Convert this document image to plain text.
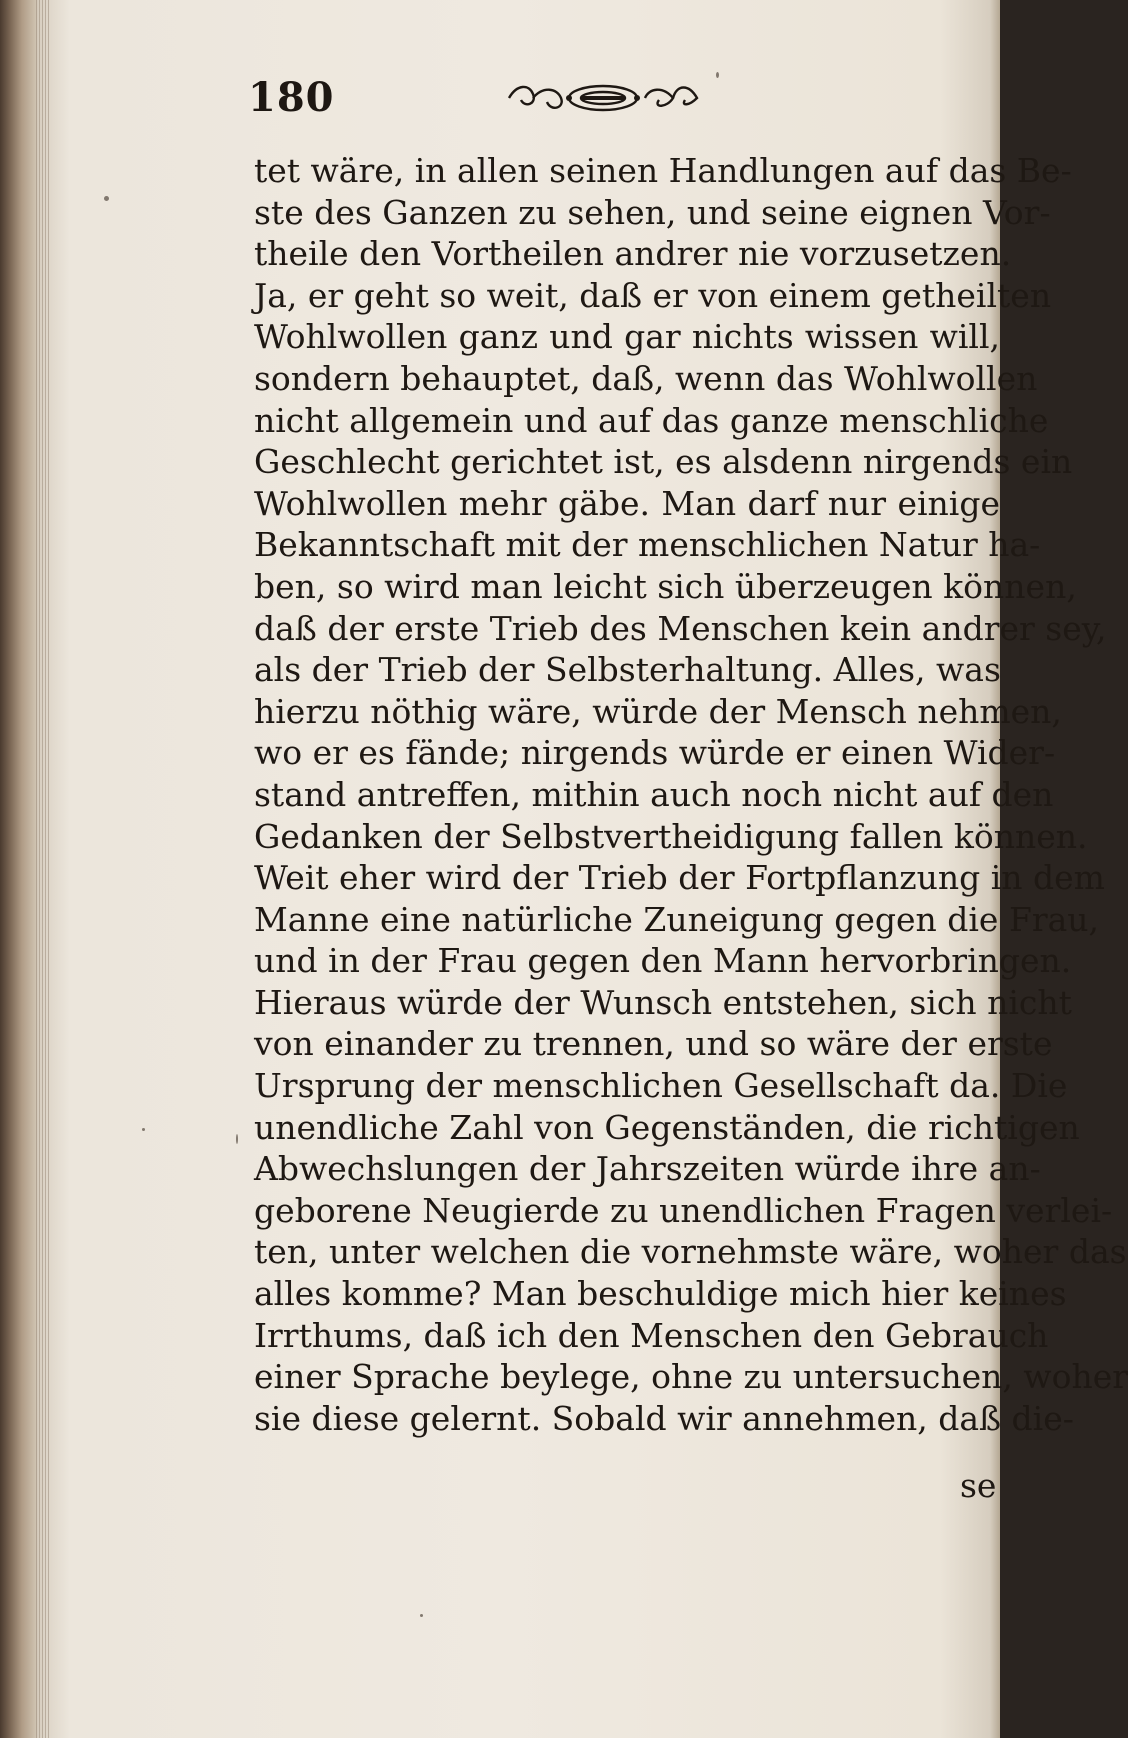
180
tet wäre, in allen seinen Handlungen auf das Be-
ste des Ganzen zu sehen, und seine eignen Vor-
theile den Vortheilen andrer nie vorzusetzen.
Ja, er geht so weit, daß er von einem getheilten
Wohlwollen ganz und gar nichts wissen will,
sondern behauptet, daß, wenn das Wohlwollen
nicht allgemein und auf das ganze menschliche
Geschlecht gerichtet ist, es alsdenn nirgends ein
Wohlwollen mehr gäbe. Man darf nur einige
Bekanntschaft mit der menschlichen Natur ha-
ben, so wird man leicht sich überzeugen können,
daß der erste Trieb des Menschen kein andrer sey,
als der Trieb der Selbsterhaltung. Alles, was
hierzu nöthig wäre, würde der Mensch nehmen,
wo er es fände; nirgends würde er einen Wider-
stand antreffen, mithin auch noch nicht auf den
Gedanken der Selbstvertheidigung fallen können.
Weit eher wird der Trieb der Fortpflanzung in dem
Manne eine natürliche Zuneigung gegen die Frau,
und in der Frau gegen den Mann hervorbringen.
Hieraus würde der Wunsch entstehen, sich nicht
von einander zu trennen, und so wäre der erste
Ursprung der menschlichen Gesellschaft da. Die
unendliche Zahl von Gegenständen, die richtigen
Abwechslungen der Jahrszeiten würde ihre an-
geborene Neugierde zu unendlichen Fragen verlei-
ten, unter welchen die vornehmste wäre, woher das
alles komme? Man beschuldige mich hier keines
Irrthums, daß ich den Menschen den Gebrauch
einer Sprache beylege, ohne zu untersuchen, woher
sie diese gelernt. Sobald wir annehmen, daß die-
se
